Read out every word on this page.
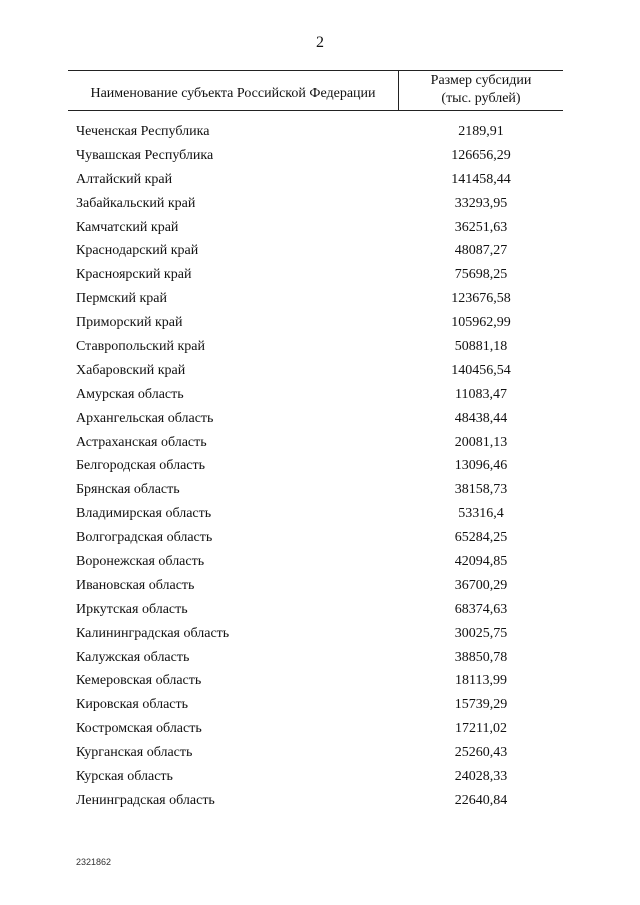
2
Наименование субъекта Российской Федерации
Размер субсидии
(тыс. рублей)
Чеченская Республика	2189,91
Чувашская Республика	126656,29
Алтайский край	141458,44
Забайкальский край	33293,95
Камчатский край	36251,63
Краснодарский край	48087,27
Красноярский край	75698,25
Пермский край	123676,58
Приморский край	105962,99
Ставропольский край	50881,18
Хабаровский край	140456,54
Амурская область	11083,47
Архангельская область	48438,44
Астраханская область	20081,13
Белгородская область	13096,46
Брянская область	38158,73
Владимирская область	53316,4
Волгоградская область	65284,25
Воронежская область	42094,85
Ивановская область	36700,29
Иркутская область	68374,63
Калининградская область	30025,75
Калужская область	38850,78
Кемеровская область	18113,99
Кировская область	15739,29
Костромская область	17211,02
Курганская область	25260,43
Курская область	24028,33
Ленинградская область	22640,84
2321862
